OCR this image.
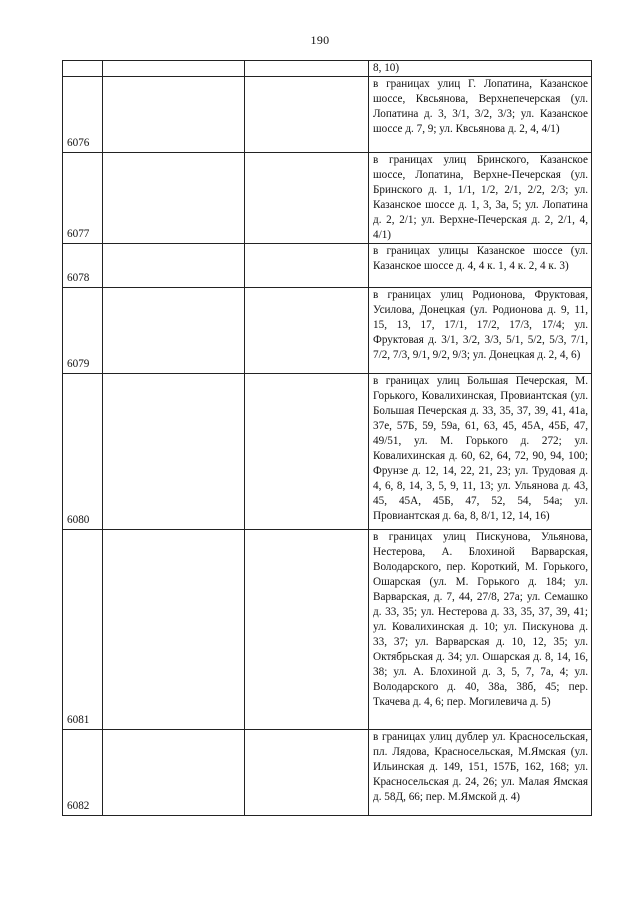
190
			8, 10)
6076			в границах улиц Г. Лопатина, Казанское шоссе, Квсьянова, Верхнепечерская (ул. Лопатина д. 3, 3/1, 3/2, 3/3; ул. Казанское шоссе д. 7, 9; ул. Квсьянова д. 2, 4, 4/1)
6077			в границах улиц Бринского, Казанское шоссе, Лопатина, Верхне-Печерская (ул. Бринского д. 1, 1/1, 1/2, 2/1, 2/2, 2/3; ул. Казанское шоссе д. 1, 3, 3а, 5; ул. Лопатина д. 2, 2/1; ул. Верхне-Печерская д. 2, 2/1, 4, 4/1)
6078			в границах улицы Казанское шоссе (ул. Казанское шоссе д. 4, 4 к. 1, 4 к. 2, 4 к. 3)
6079			в границах улиц Родионова, Фруктовая, Усилова, Донецкая (ул. Родионова д. 9, 11, 15, 13, 17, 17/1, 17/2, 17/3, 17/4; ул. Фруктовая д. 3/1, 3/2, 3/3, 5/1, 5/2, 5/3, 7/1, 7/2, 7/3, 9/1, 9/2, 9/3; ул. Донецкая д. 2, 4, 6)
6080			в границах улиц Большая Печерская, М. Горького, Ковалихинская, Провиантская (ул. Большая Печерская д. 33, 35, 37, 39, 41, 41а, 37е, 57Б, 59, 59а, 61, 63, 45, 45А, 45Б, 47, 49/51, ул. М. Горького д. 272; ул. Ковалихинская д. 60, 62, 64, 72, 90, 94, 100; Фрунзе д. 12, 14, 22, 21, 23; ул. Трудовая д. 4, 6, 8, 14, 3, 5, 9, 11, 13; ул. Ульянова д. 43, 45, 45А, 45Б, 47, 52, 54, 54а; ул. Провиантская д. 6а, 8, 8/1, 12, 14, 16)
6081			в границах улиц Пискунова, Ульянова, Нестерова, А. Блохиной Варварская, Володарского, пер. Короткий, М. Горького, Ошарская (ул. М. Горького д. 184; ул. Варварская, д. 7, 44, 27/8, 27а; ул. Семашко д. 33, 35; ул. Нестерова д. 33, 35, 37, 39, 41; ул. Ковалихинская д. 10; ул. Пискунова д. 33, 37; ул. Варварская д. 10, 12, 35; ул. Октябрьская д. 34; ул. Ошарская д. 8, 14, 16, 38; ул. А. Блохиной д. 3, 5, 7, 7а, 4; ул. Володарского д. 40, 38а, 38б, 45; пер. Ткачева д. 4, 6; пер. Могилевича д. 5)
6082			в границах улиц дублер ул. Красносельская, пл. Лядова, Красносельская, М.Ямская (ул. Ильинская д. 149, 151, 157Б, 162, 168; ул. Красносельская д. 24, 26; ул. Малая Ямская д. 58Д, 66; пер. М.Ямской д. 4)
